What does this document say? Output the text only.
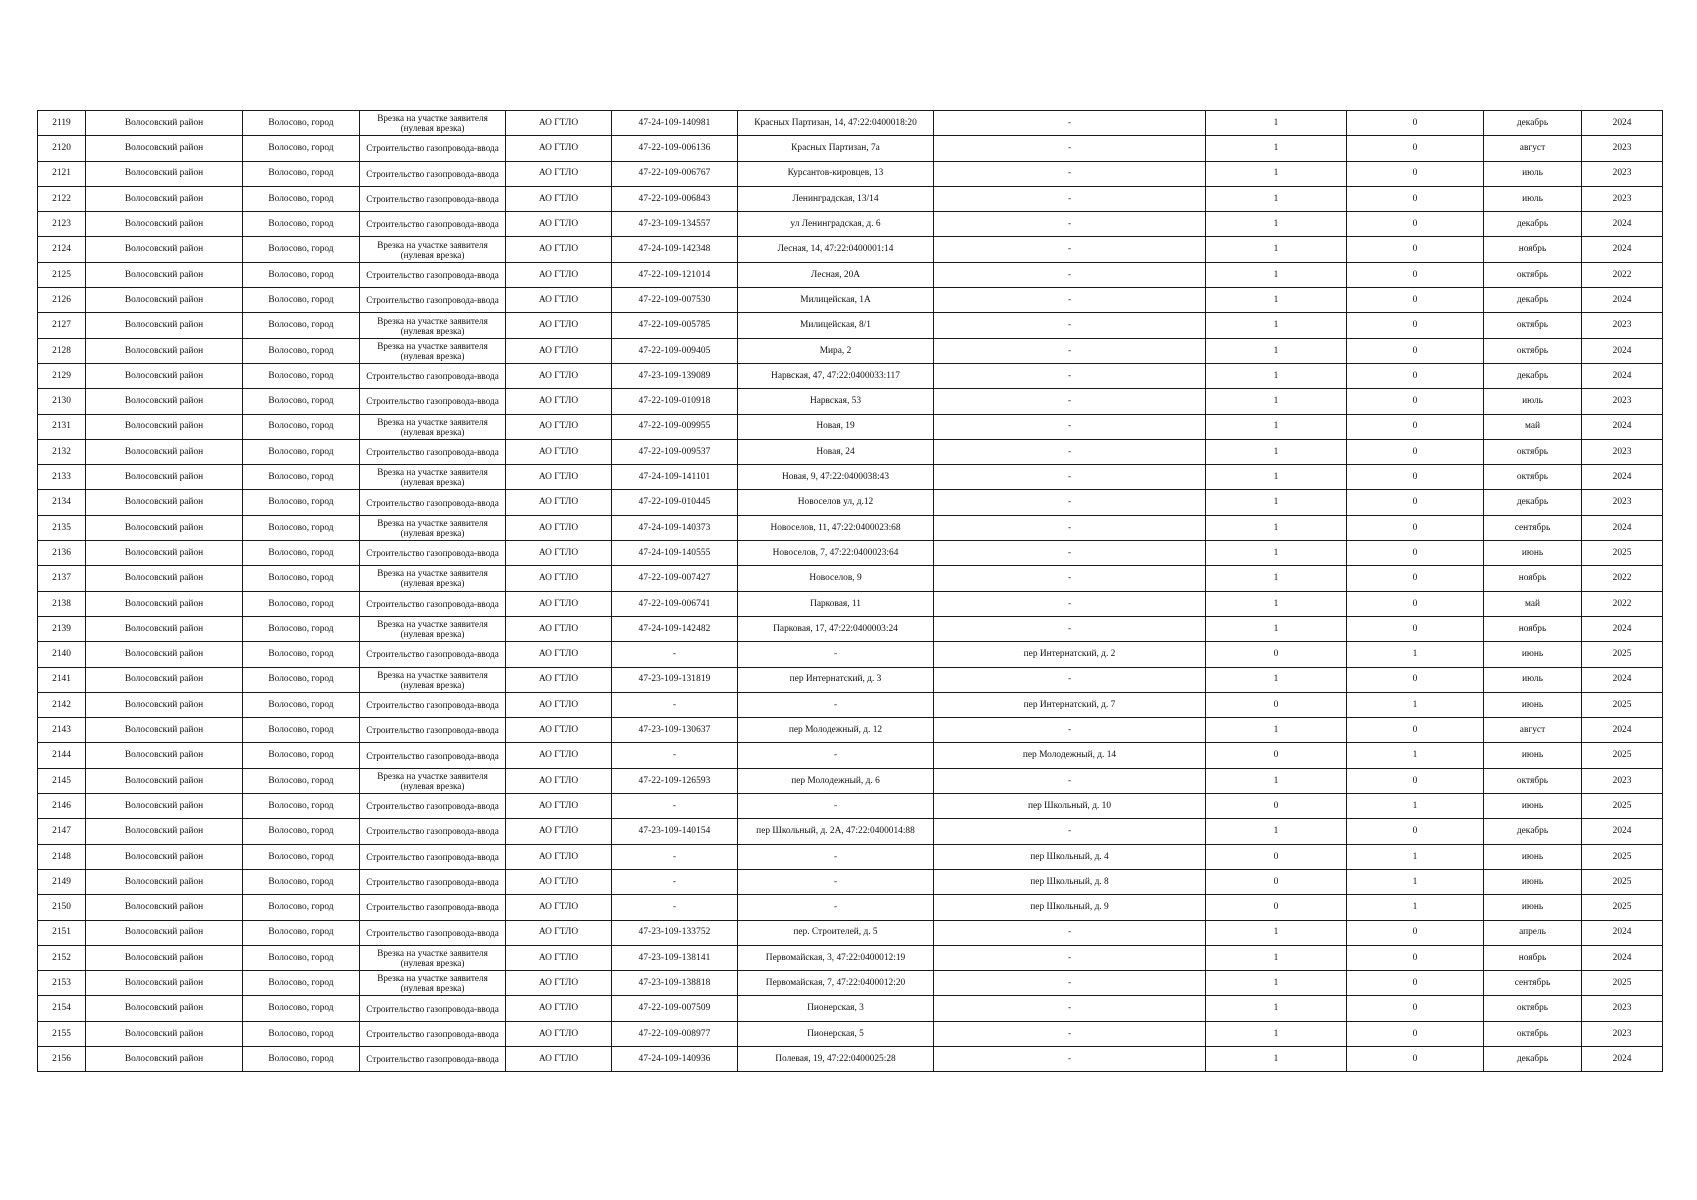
2119	Волосовский район	Волосово, город	Врезка на участке заявителя (нулевая врезка)	АО ГТЛО	47-24-109-140981	Красных Партизан, 14, 47:22:0400018:20	-	1	0	декабрь	2024
2120	Волосовский район	Волосово, город	Строительство газопровода-ввода	АО ГТЛО	47-22-109-006136	Красных Партизан, 7а	-	1	0	август	2023
2121	Волосовский район	Волосово, город	Строительство газопровода-ввода	АО ГТЛО	47-22-109-006767	Курсантов-кировцев, 13	-	1	0	июль	2023
2122	Волосовский район	Волосово, город	Строительство газопровода-ввода	АО ГТЛО	47-22-109-006843	Ленинградская, 13/14	-	1	0	июль	2023
2123	Волосовский район	Волосово, город	Строительство газопровода-ввода	АО ГТЛО	47-23-109-134557	ул Ленинградская, д. 6	-	1	0	декабрь	2024
2124	Волосовский район	Волосово, город	Врезка на участке заявителя (нулевая врезка)	АО ГТЛО	47-24-109-142348	Лесная, 14, 47:22:0400001:14	-	1	0	ноябрь	2024
2125	Волосовский район	Волосово, город	Строительство газопровода-ввода	АО ГТЛО	47-22-109-121014	Лесная, 20А	-	1	0	октябрь	2022
2126	Волосовский район	Волосово, город	Строительство газопровода-ввода	АО ГТЛО	47-22-109-007530	Милицейская, 1А	-	1	0	декабрь	2024
2127	Волосовский район	Волосово, город	Врезка на участке заявителя (нулевая врезка)	АО ГТЛО	47-22-109-005785	Милицейская, 8/1	-	1	0	октябрь	2023
2128	Волосовский район	Волосово, город	Врезка на участке заявителя (нулевая врезка)	АО ГТЛО	47-22-109-009405	Мира, 2	-	1	0	октябрь	2024
2129	Волосовский район	Волосово, город	Строительство газопровода-ввода	АО ГТЛО	47-23-109-139089	Нарвская, 47, 47:22:0400033:117	-	1	0	декабрь	2024
2130	Волосовский район	Волосово, город	Строительство газопровода-ввода	АО ГТЛО	47-22-109-010918	Нарвская, 53	-	1	0	июль	2023
2131	Волосовский район	Волосово, город	Врезка на участке заявителя (нулевая врезка)	АО ГТЛО	47-22-109-009955	Новая, 19	-	1	0	май	2024
2132	Волосовский район	Волосово, город	Строительство газопровода-ввода	АО ГТЛО	47-22-109-009537	Новая, 24	-	1	0	октябрь	2023
2133	Волосовский район	Волосово, город	Врезка на участке заявителя (нулевая врезка)	АО ГТЛО	47-24-109-141101	Новая, 9, 47:22:0400038:43	-	1	0	октябрь	2024
2134	Волосовский район	Волосово, город	Строительство газопровода-ввода	АО ГТЛО	47-22-109-010445	Новоселов ул, д.12	-	1	0	декабрь	2023
2135	Волосовский район	Волосово, город	Врезка на участке заявителя (нулевая врезка)	АО ГТЛО	47-24-109-140373	Новоселов, 11, 47:22:0400023:68	-	1	0	сентябрь	2024
2136	Волосовский район	Волосово, город	Строительство газопровода-ввода	АО ГТЛО	47-24-109-140555	Новоселов, 7, 47:22:0400023:64	-	1	0	июнь	2025
2137	Волосовский район	Волосово, город	Врезка на участке заявителя (нулевая врезка)	АО ГТЛО	47-22-109-007427	Новоселов, 9	-	1	0	ноябрь	2022
2138	Волосовский район	Волосово, город	Строительство газопровода-ввода	АО ГТЛО	47-22-109-006741	Парковая, 11	-	1	0	май	2022
2139	Волосовский район	Волосово, город	Врезка на участке заявителя (нулевая врезка)	АО ГТЛО	47-24-109-142482	Парковая, 17, 47:22:0400003:24	-	1	0	ноябрь	2024
2140	Волосовский район	Волосово, город	Строительство газопровода-ввода	АО ГТЛО	-	-	пер Интернатский, д. 2	0	1	июнь	2025
2141	Волосовский район	Волосово, город	Врезка на участке заявителя (нулевая врезка)	АО ГТЛО	47-23-109-131819	пер Интернатский, д. 3	-	1	0	июль	2024
2142	Волосовский район	Волосово, город	Строительство газопровода-ввода	АО ГТЛО	-	-	пер Интернатский, д. 7	0	1	июнь	2025
2143	Волосовский район	Волосово, город	Строительство газопровода-ввода	АО ГТЛО	47-23-109-130637	пер Молодежный, д. 12	-	1	0	август	2024
2144	Волосовский район	Волосово, город	Строительство газопровода-ввода	АО ГТЛО	-	-	пер Молодежный, д. 14	0	1	июнь	2025
2145	Волосовский район	Волосово, город	Врезка на участке заявителя (нулевая врезка)	АО ГТЛО	47-22-109-126593	пер Молодежный, д. 6	-	1	0	октябрь	2023
2146	Волосовский район	Волосово, город	Строительство газопровода-ввода	АО ГТЛО	-	-	пер Школьный, д. 10	0	1	июнь	2025
2147	Волосовский район	Волосово, город	Строительство газопровода-ввода	АО ГТЛО	47-23-109-140154	пер Школьный, д. 2А, 47:22:0400014:88	-	1	0	декабрь	2024
2148	Волосовский район	Волосово, город	Строительство газопровода-ввода	АО ГТЛО	-	-	пер Школьный, д. 4	0	1	июнь	2025
2149	Волосовский район	Волосово, город	Строительство газопровода-ввода	АО ГТЛО	-	-	пер Школьный, д. 8	0	1	июнь	2025
2150	Волосовский район	Волосово, город	Строительство газопровода-ввода	АО ГТЛО	-	-	пер Школьный, д. 9	0	1	июнь	2025
2151	Волосовский район	Волосово, город	Строительство газопровода-ввода	АО ГТЛО	47-23-109-133752	пер. Строителей, д. 5	-	1	0	апрель	2024
2152	Волосовский район	Волосово, город	Врезка на участке заявителя (нулевая врезка)	АО ГТЛО	47-23-109-138141	Первомайская, 3, 47:22:0400012:19	-	1	0	ноябрь	2024
2153	Волосовский район	Волосово, город	Врезка на участке заявителя (нулевая врезка)	АО ГТЛО	47-23-109-138818	Первомайская, 7, 47:22:0400012:20	-	1	0	сентябрь	2025
2154	Волосовский район	Волосово, город	Строительство газопровода-ввода	АО ГТЛО	47-22-109-007509	Пионерская, 3	-	1	0	октябрь	2023
2155	Волосовский район	Волосово, город	Строительство газопровода-ввода	АО ГТЛО	47-22-109-008977	Пионерская, 5	-	1	0	октябрь	2023
2156	Волосовский район	Волосово, город	Строительство газопровода-ввода	АО ГТЛО	47-24-109-140936	Полевая, 19, 47:22:0400025:28	-	1	0	декабрь	2024
